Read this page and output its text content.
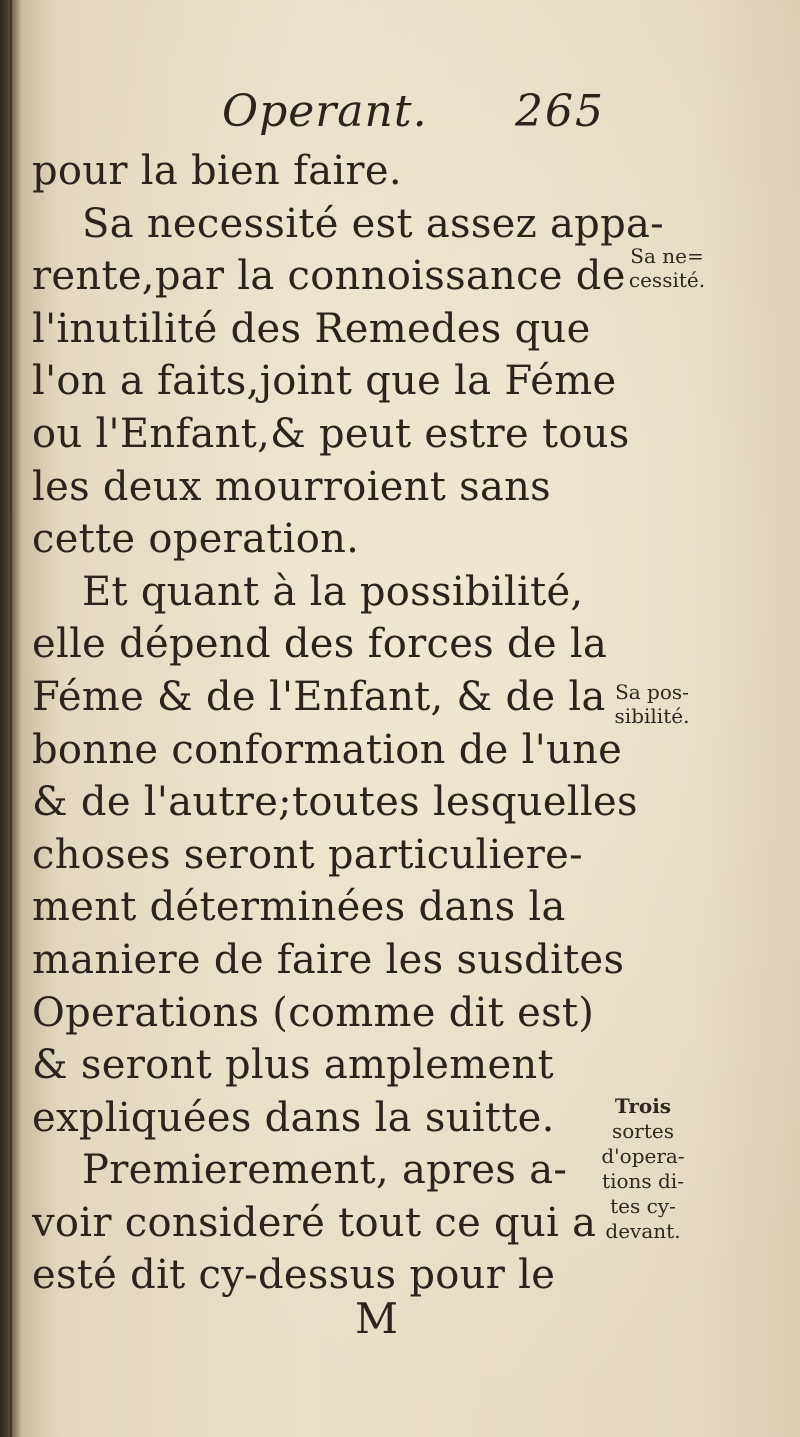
Operant. 265
pour la bien faire.
Sa necessité est assez appa-
rente,par la connoissance de
l'inutilité des Remedes que
l'on a faits,joint que la Féme
ou l'Enfant,& peut estre tous
les deux mourroient sans
cette operation.
Et quant à la possibilité,
elle dépend des forces de la
Féme & de l'Enfant, & de la
bonne conformation de l'une
& de l'autre;toutes lesquelles
choses seront particuliere-
ment déterminées dans la
maniere de faire les susdites
Operations (comme dit est)
& seront plus amplement
expliquées dans la suitte.
Premierement, apres a-
voir consideré tout ce qui a
esté dit cy-dessus pour le
M
Sa ne=
cessité.
Sa pos-
sibilité.
Trois
sortes
d'opera-
tions di-
tes cy-
devant.
